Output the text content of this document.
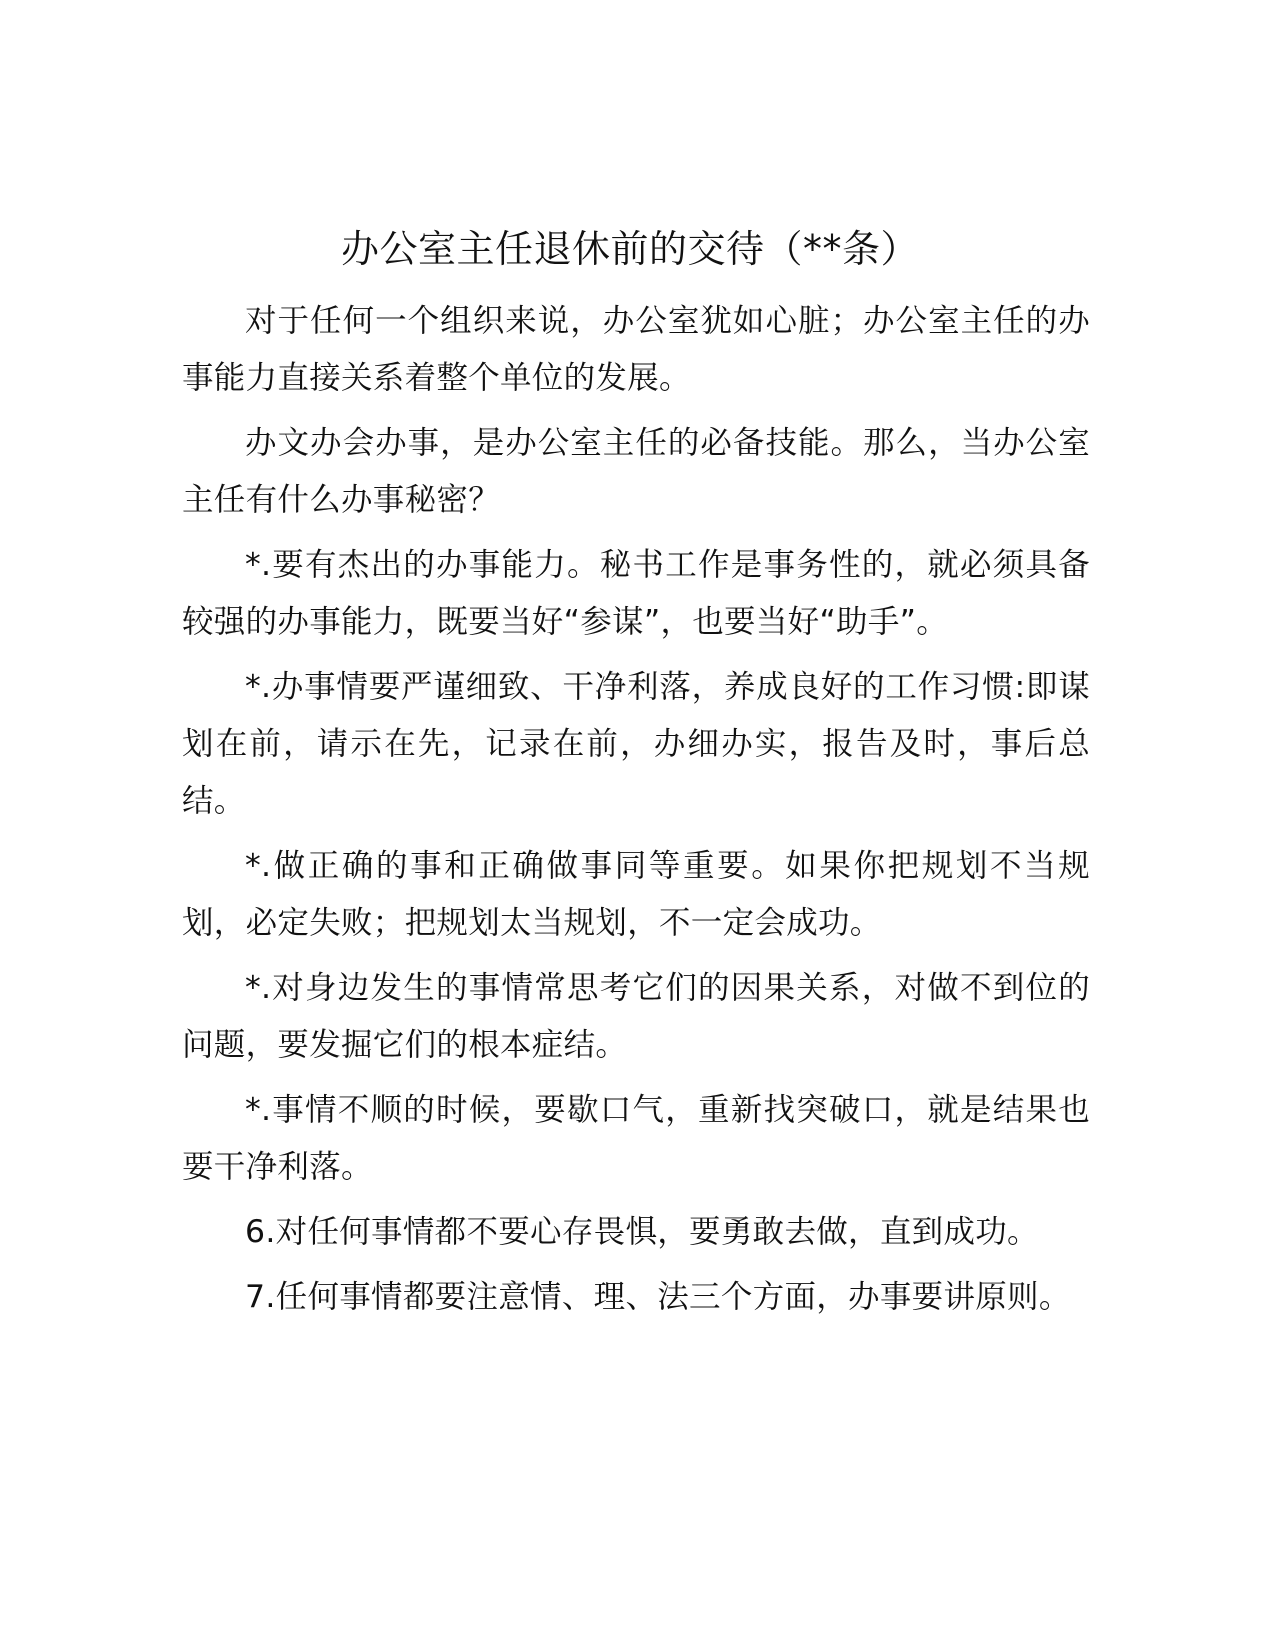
办公室主任退休前的交待（**条）

对于任何一个组织来说，办公室犹如心脏；办公室主任的办事能力直接关系着整个单位的发展。

办文办会办事，是办公室主任的必备技能。那么，当办公室主任有什么办事秘密？

*.要有杰出的办事能力。秘书工作是事务性的，就必须具备较强的办事能力，既要当好“参谋”，也要当好“助手”。

*.办事情要严谨细致、干净利落，养成良好的工作习惯:即谋划在前，请示在先，记录在前，办细办实，报告及时，事后总结。

*.做正确的事和正确做事同等重要。如果你把规划不当规划，必定失败；把规划太当规划，不一定会成功。

*.对身边发生的事情常思考它们的因果关系，对做不到位的问题，要发掘它们的根本症结。

*.事情不顺的时候，要歇口气，重新找突破口，就是结果也要干净利落。

6.对任何事情都不要心存畏惧，要勇敢去做，直到成功。

7.任何事情都要注意情、理、法三个方面，办事要讲原则。
